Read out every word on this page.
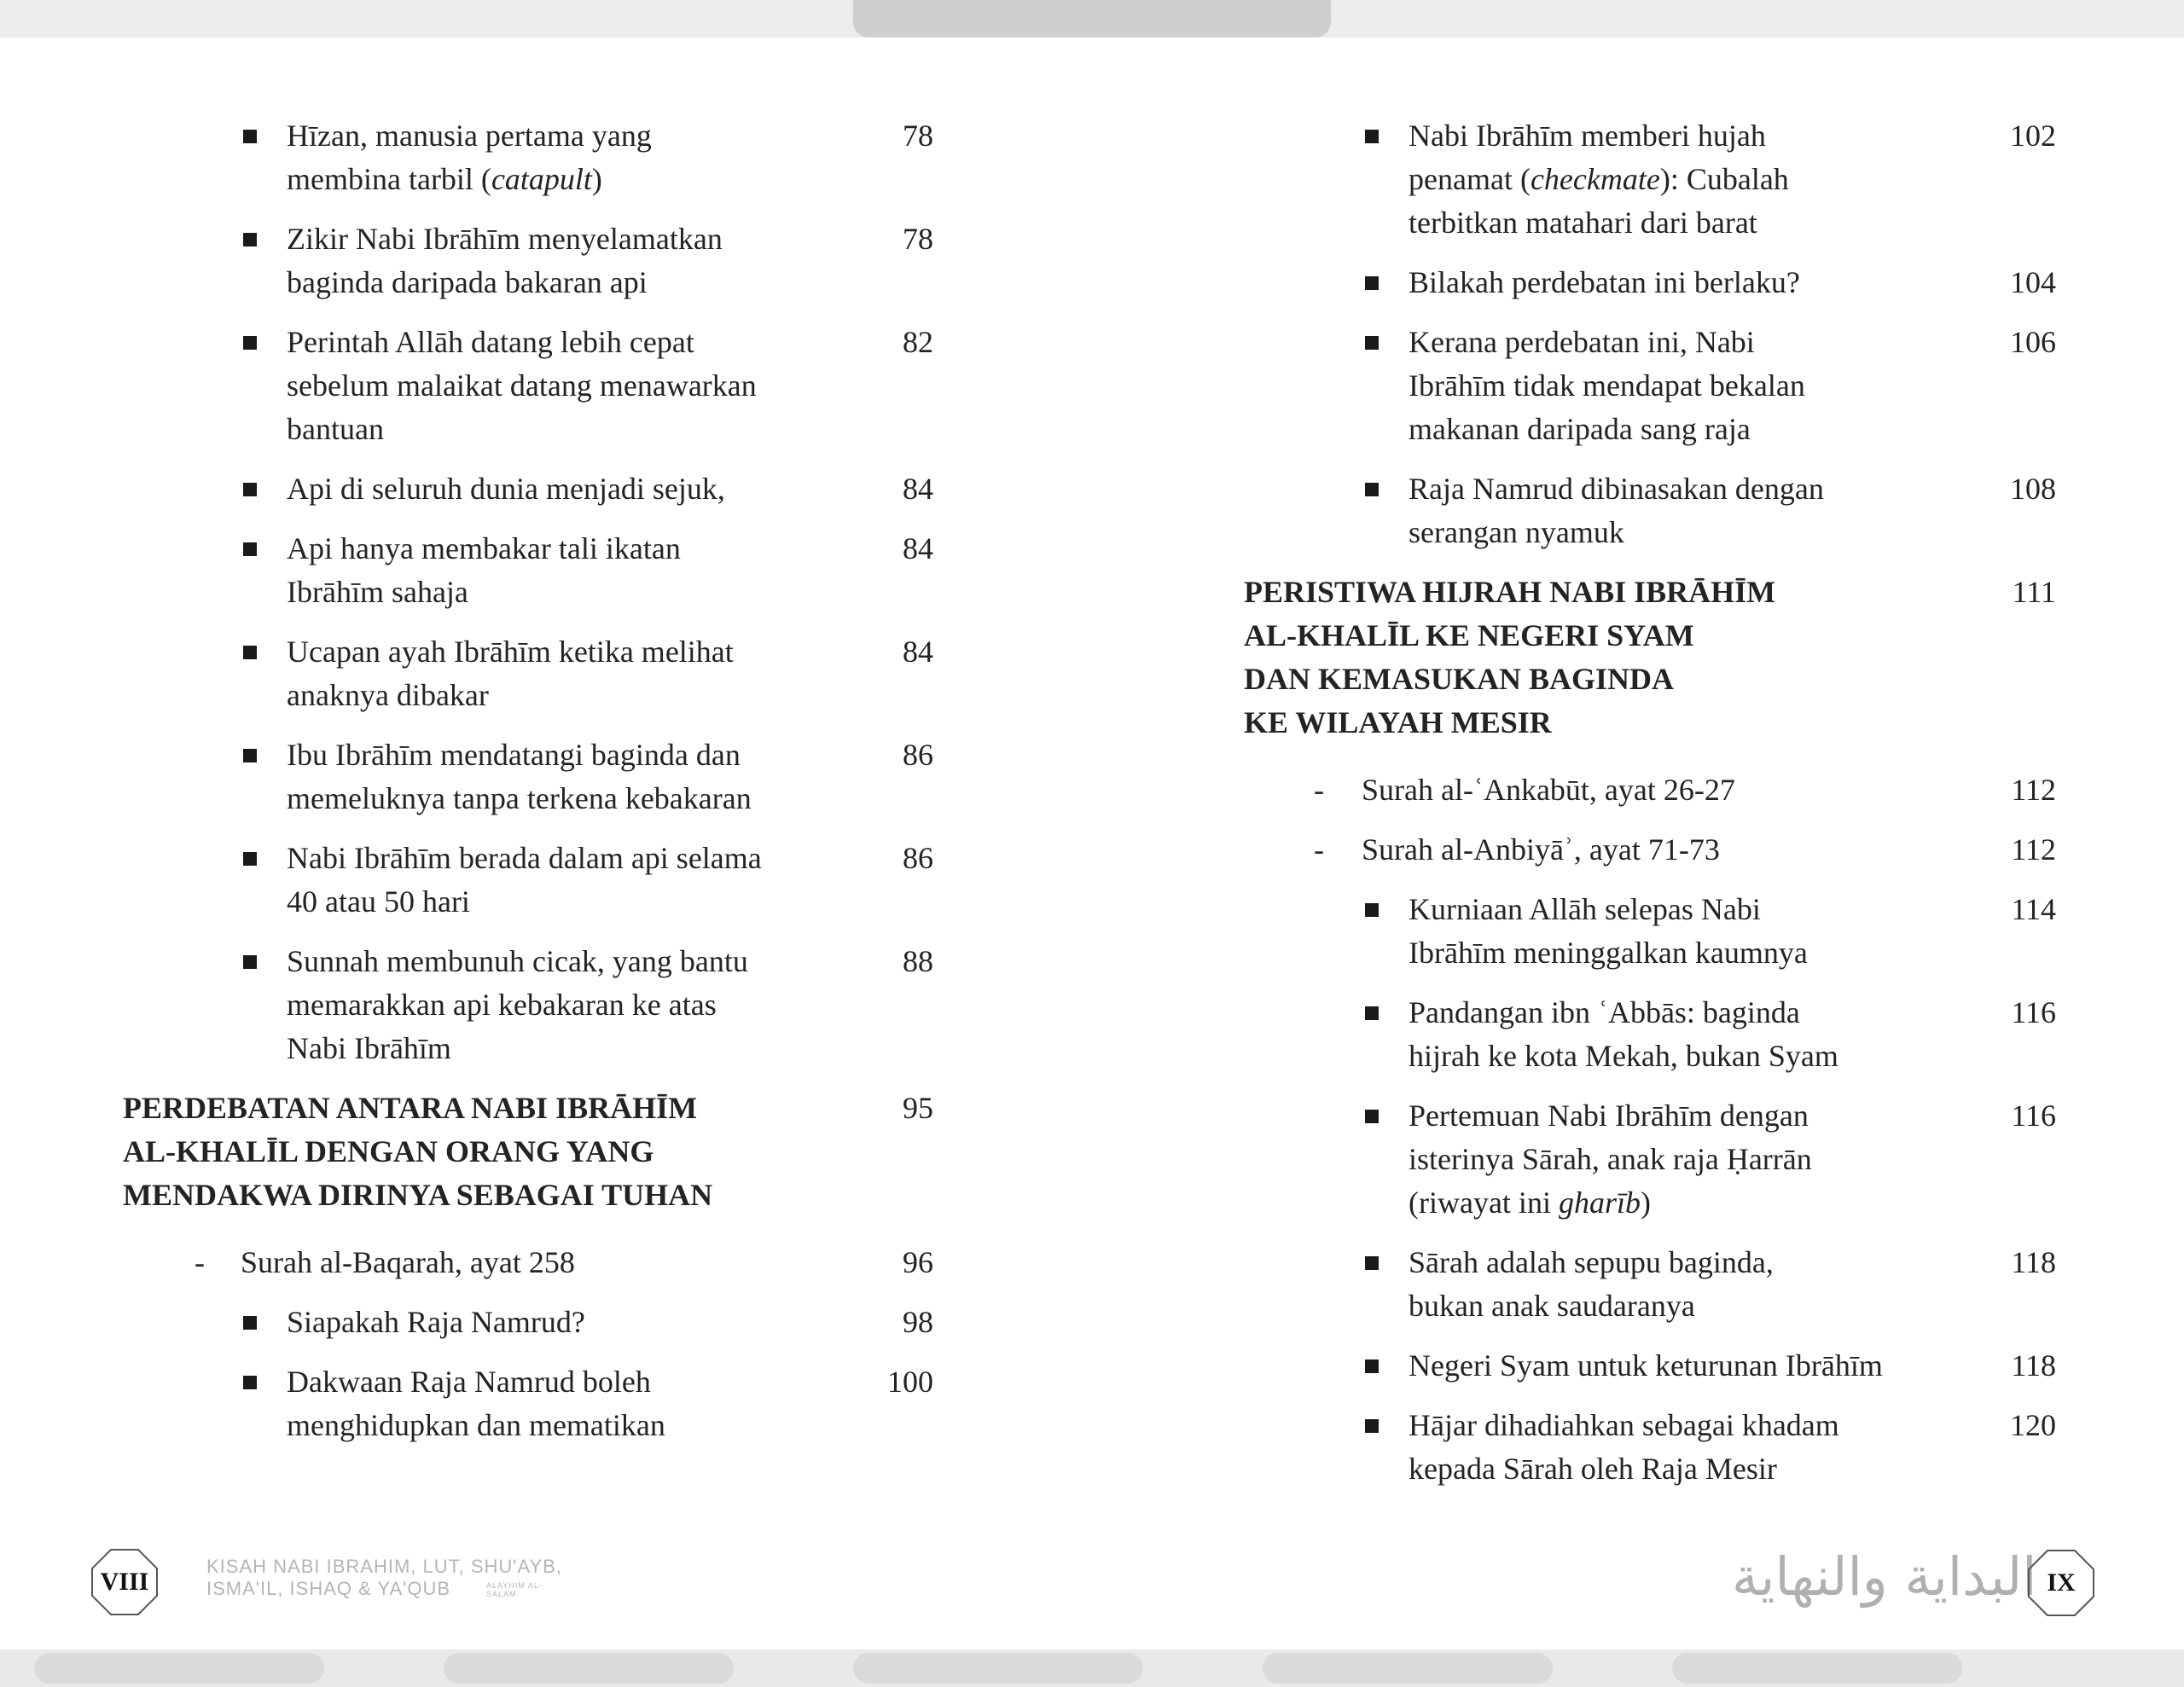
Hīzan, manusia pertama yang
membina tarbil (catapult)
78
Zikir Nabi Ibrāhīm menyelamatkan
baginda daripada bakaran api
78
Perintah Allāh datang lebih cepat
sebelum malaikat datang menawarkan
bantuan
82
Api di seluruh dunia menjadi sejuk,	84
Api hanya membakar tali ikatan
Ibrāhīm sahaja
84
Ucapan ayah Ibrāhīm ketika melihat
anaknya dibakar
84
Ibu Ibrāhīm mendatangi baginda dan
memeluknya tanpa terkena kebakaran
86
Nabi Ibrāhīm berada dalam api selama
40 atau 50 hari
86
Sunnah membunuh cicak, yang bantu
memarakkan api kebakaran ke atas
Nabi Ibrāhīm
88
PERDEBATAN ANTARA NABI IBRĀHĪM
AL-KHALĪL DENGAN ORANG YANG
MENDAKWA DIRINYA SEBAGAI TUHAN
95
- Surah al-Baqarah, ayat 258	96
Siapakah Raja Namrud?	98
Dakwaan Raja Namrud boleh
menghidupkan dan mematikan
100
Nabi Ibrāhīm memberi hujah
penamat (checkmate): Cubalah
terbitkan matahari dari barat
102
Bilakah perdebatan ini berlaku?	104
Kerana perdebatan ini, Nabi
Ibrāhīm tidak mendapat bekalan
makanan daripada sang raja
106
Raja Namrud dibinasakan dengan
serangan nyamuk
108
PERISTIWA HIJRAH NABI IBRĀHĪM
AL-KHALĪL KE NEGERI SYAM
DAN KEMASUKAN BAGINDA
KE WILAYAH MESIR
111
- Surah al-ʿAnkabūt, ayat 26-27	112
- Surah al-Anbiyāʾ, ayat 71-73	112
Kurniaan Allāh selepas Nabi
Ibrāhīm meninggalkan kaumnya
114
Pandangan ibn ʿAbbās: baginda
hijrah ke kota Mekah, bukan Syam
116
Pertemuan Nabi Ibrāhīm dengan
isterinya Sārah, anak raja Ḥarrān
(riwayat ini gharīb)
116
Sārah adalah sepupu baginda,
bukan anak saudaranya
118
Negeri Syam untuk keturunan Ibrāhīm	118
Hājar dihadiahkan sebagai khadam
kepada Sārah oleh Raja Mesir
120
VIII
KISAH NABI IBRAHIM, LUT, SHU'AYB,
ISMA'IL, ISHAQ & YA'QUB	ALAYHIM AL-SALAM	البداية والنهاية IX
